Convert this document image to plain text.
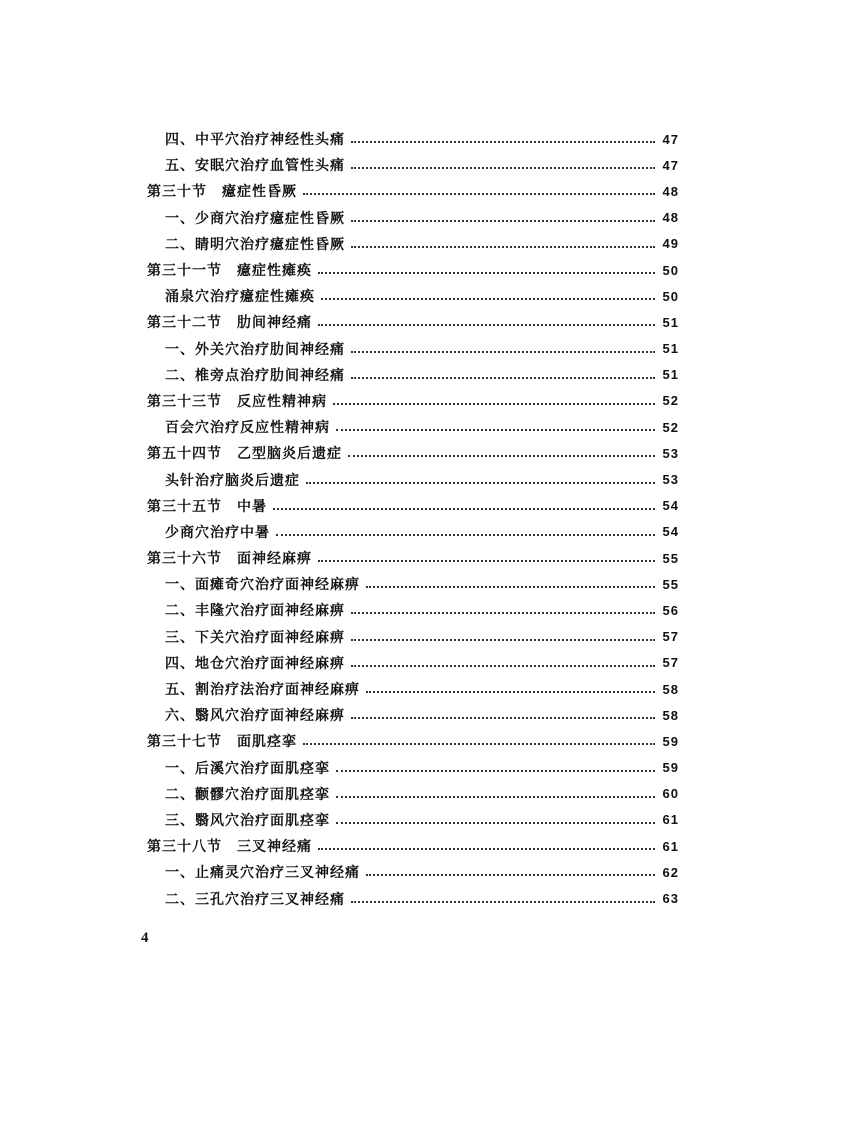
四、中平穴治疗神经性头痛	47
五、安眠穴治疗血管性头痛	47
第三十节　癔症性昏厥	48
一、少商穴治疗癔症性昏厥	48
二、睛明穴治疗癔症性昏厥	49
第三十一节　癔症性瘫痪	50
涌泉穴治疗癔症性瘫痪	50
第三十二节　肋间神经痛	51
一、外关穴治疗肋间神经痛	51
二、椎旁点治疗肋间神经痛	51
第三十三节　反应性精神病	52
百会穴治疗反应性精神病	52
第五十四节　乙型脑炎后遗症	53
头针治疗脑炎后遗症	53
第三十五节　中暑	54
少商穴治疗中暑	54
第三十六节　面神经麻痹	55
一、面瘫奇穴治疗面神经麻痹	55
二、丰隆穴治疗面神经麻痹	56
三、下关穴治疗面神经麻痹	57
四、地仓穴治疗面神经麻痹	57
五、割治疗法治疗面神经麻痹	58
六、翳风穴治疗面神经麻痹	58
第三十七节　面肌痉挛	59
一、后溪穴治疗面肌痉挛	59
二、颧髎穴治疗面肌痉挛	60
三、翳风穴治疗面肌痉挛	61
第三十八节　三叉神经痛	61
一、止痛灵穴治疗三叉神经痛	62
二、三孔穴治疗三叉神经痛	63
4
